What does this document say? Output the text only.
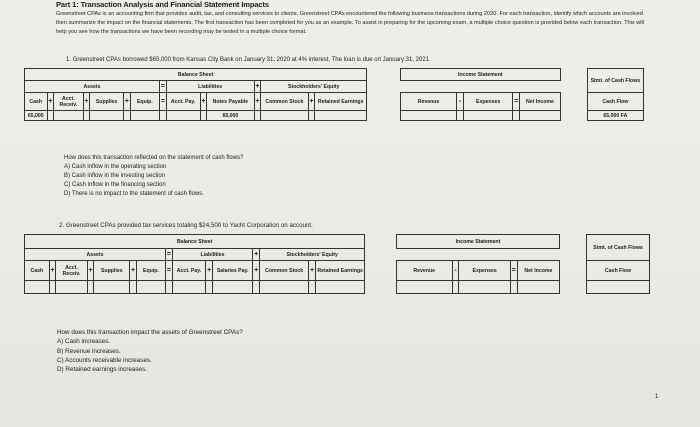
Part 1: Transaction Analysis and Financial Statement Impacts
Greenstreet CPAs is an accounting firm that provides audit, tax, and consulting services to clients. Greenstreet CPAs encountered the following business transactions during 2020. For each transaction, identify which accounts are involved then summarize the impact on the financial statements. The first transaction has been completed for you as an example. To assist in preparing for the upcoming exam, a multiple choice question is provided below each transaction. This will help you see how the transactions we have been recording may be tested in a multiple choice format.
1. Greenstreet CPAs borrowed $65,000 from Kansas City Bank on January 31, 2020 at 4% interest. The loan is due on January 31, 2021.
Balance Sheet																Income Statement						Stmt. of Cash Flows
Assets							=	Liabilities			+	Stockholders' Equity										
Cash	+	Acct. Receiv.	+	Supplies	+	Equip.	=	Acct. Pay.	+	Notes Payable	+	Common Stock	+	Retained Earnings		Revenue	-	Expenses	=	Net Income		Cash Flow
65,000										65,000												65,000 FA
How does this transaction reflected on the statement of cash flows?
A) Cash inflow in the operating section
B) Cash inflow in the investing section
C) Cash inflow in the financing section
D) There is no impact to the statement of cash flows.
2. Greenstreet CPAs provided tax services totaling $24,500 to Yacht Corporation on account.
Balance Sheet																Income Statement						Stmt. of Cash Flows
Assets							=	Liabilities			+	Stockholders' Equity										
Cash	+	Acct. Receiv.	+	Supplies	+	Equip.	=	Acct. Pay.	+	Salaries Pay.	+	Common Stock	+	Retained Earnings		Revenue	-	Expenses	=	Net Income		Cash Flow

How does this transaction impact the assets of Greenstreet CPAs?
A) Cash increases.
B) Revenue increases.
C) Accounts receivable increases.
D) Retained earnings increases.
1
